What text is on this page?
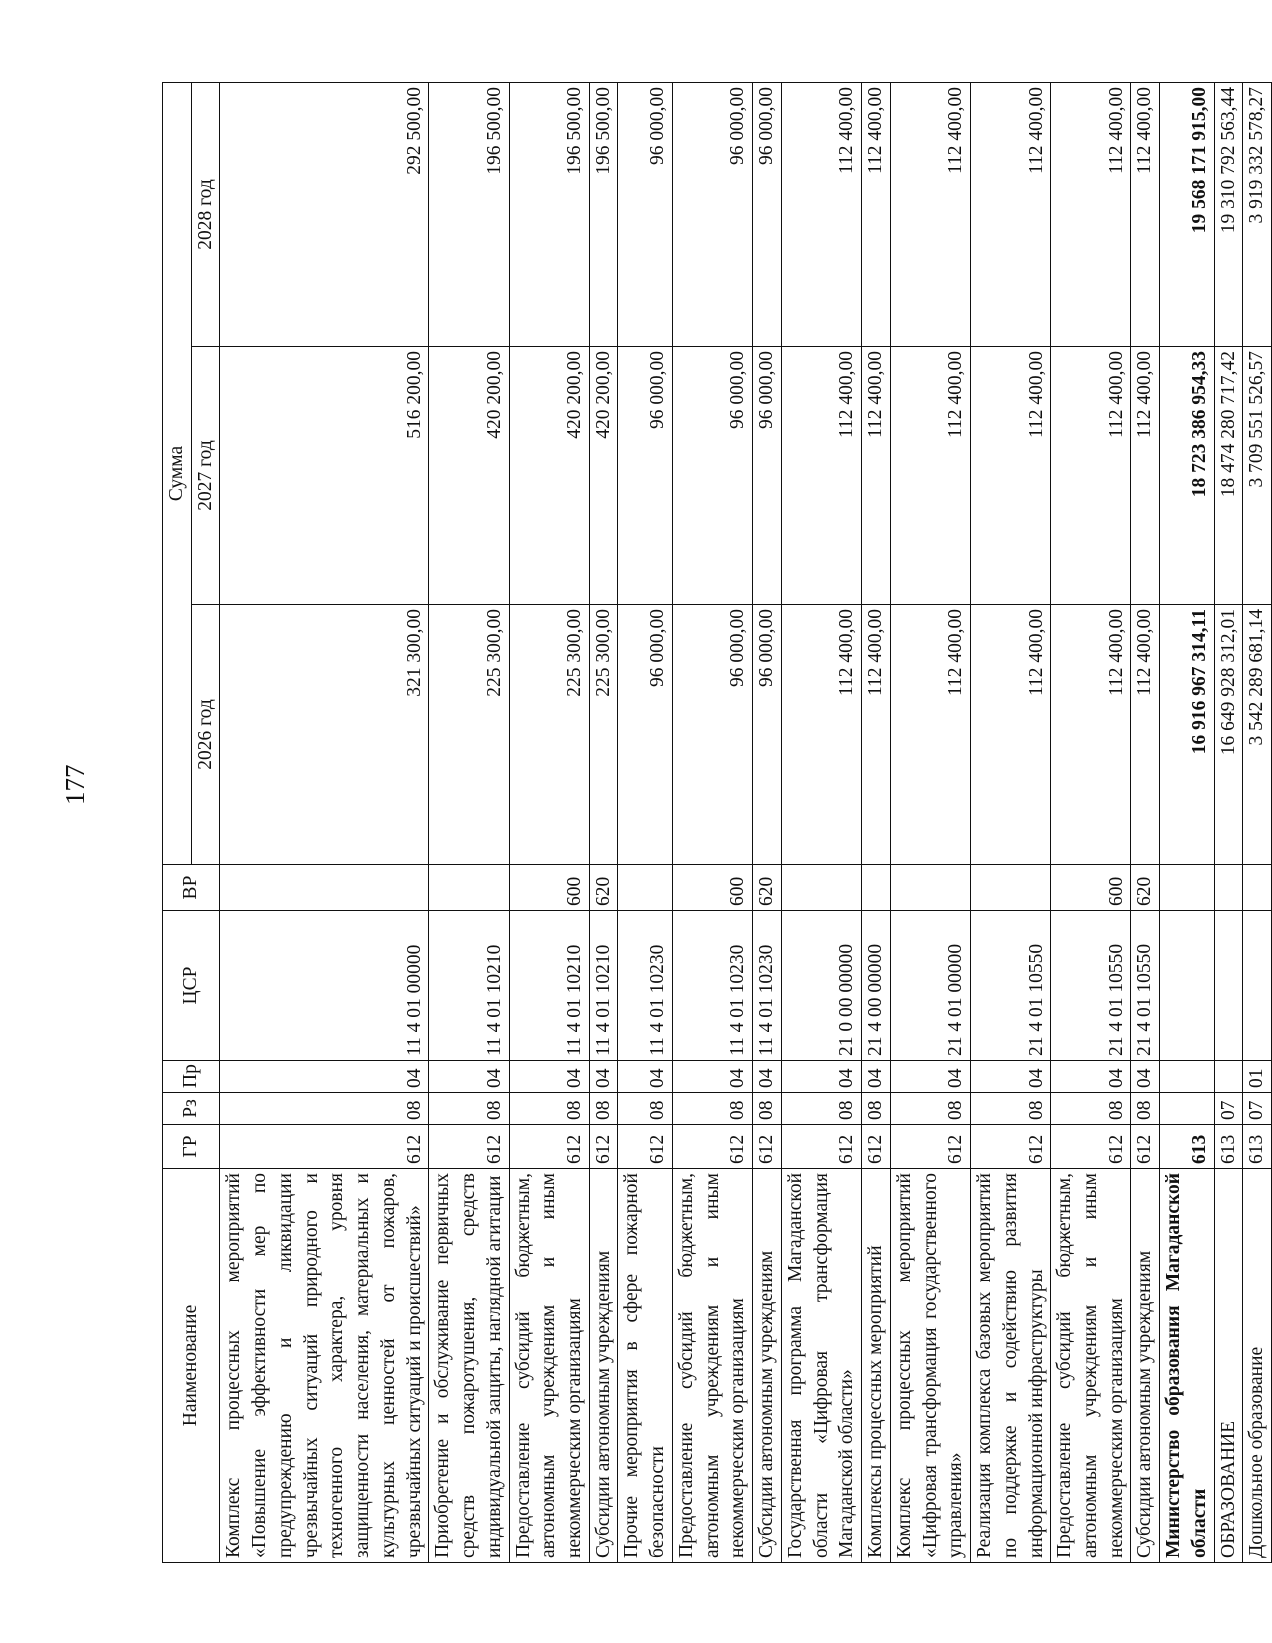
177
Наименование	ГР	Рз	Пр	ЦСР	ВР	Сумма		
						2026 год	2027 год	2028 год
Комплекс процессных мероприятий «Повышение эффективности мер по предупреждению и ликвидации чрезвычайных ситуаций природного и техногенного характера, уровня защищенности населения, материальных и культурных ценностей от пожаров, чрезвычайных ситуаций и происшествий»	612	08	04	11 4 01 00000		321 300,00	516 200,00	292 500,00
Приобретение и обслуживание первичных средств пожаротушения, средств индивидуальной защиты, наглядной агитации	612	08	04	11 4 01 10210		225 300,00	420 200,00	196 500,00
Предоставление субсидий бюджетным, автономным учреждениям и иным некоммерческим организациям	612	08	04	11 4 01 10210	600	225 300,00	420 200,00	196 500,00
Субсидии автономным учреждениям	612	08	04	11 4 01 10210	620	225 300,00	420 200,00	196 500,00
Прочие мероприятия в сфере пожарной безопасности	612	08	04	11 4 01 10230		96 000,00	96 000,00	96 000,00
Предоставление субсидий бюджетным, автономным учреждениям и иным некоммерческим организациям	612	08	04	11 4 01 10230	600	96 000,00	96 000,00	96 000,00
Субсидии автономным учреждениям	612	08	04	11 4 01 10230	620	96 000,00	96 000,00	96 000,00
Государственная программа Магаданской области «Цифровая трансформация Магаданской области»	612	08	04	21 0 00 00000		112 400,00	112 400,00	112 400,00
Комплексы процессных мероприятий	612	08	04	21 4 00 00000		112 400,00	112 400,00	112 400,00
Комплекс процессных мероприятий «Цифровая трансформация государственного управления»	612	08	04	21 4 01 00000		112 400,00	112 400,00	112 400,00
Реализация комплекса базовых мероприятий по поддержке и содействию развития информационной инфраструктуры	612	08	04	21 4 01 10550		112 400,00	112 400,00	112 400,00
Предоставление субсидий бюджетным, автономным учреждениям и иным некоммерческим организациям	612	08	04	21 4 01 10550	600	112 400,00	112 400,00	112 400,00
Субсидии автономным учреждениям	612	08	04	21 4 01 10550	620	112 400,00	112 400,00	112 400,00
Министерство образования Магаданской области	613					16 916 967 314,11	18 723 386 954,33	19 568 171 915,00
ОБРАЗОВАНИЕ	613	07				16 649 928 312,01	18 474 280 717,42	19 310 792 563,44
Дошкольное образование	613	07	01			3 542 289 681,14	3 709 551 526,57	3 919 332 578,27
